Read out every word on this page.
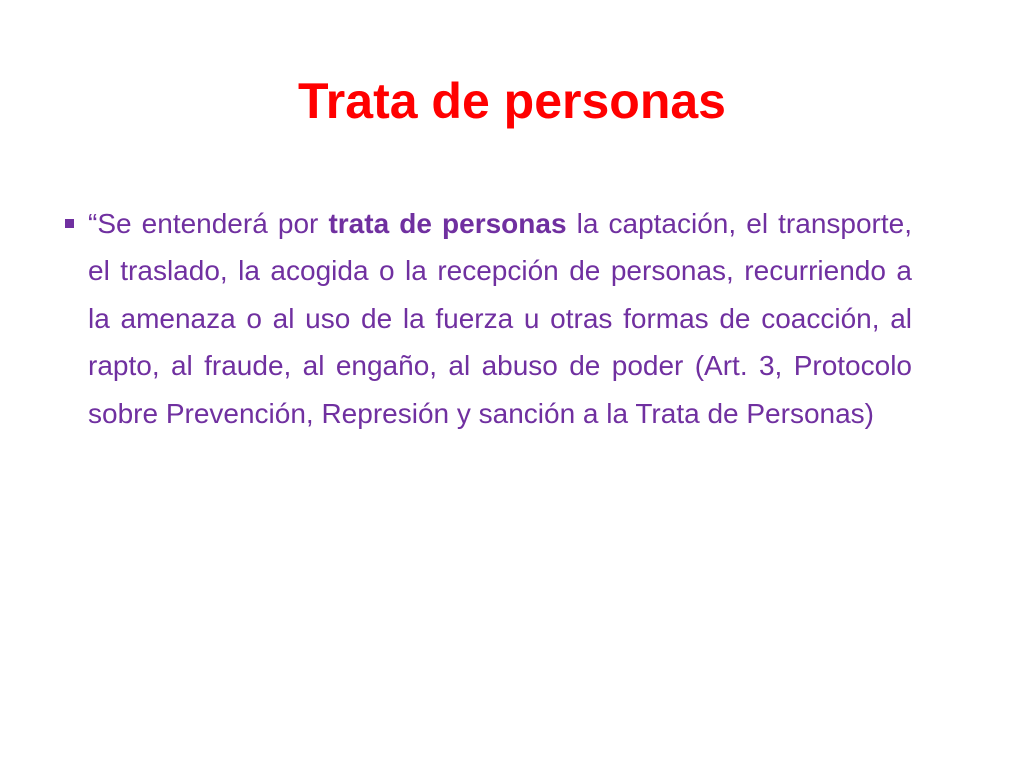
Trata de personas

“Se entenderá por trata de personas la captación, el transporte, el traslado, la acogida o la recepción de personas, recurriendo a la amenaza o al uso de la fuerza u otras formas de coacción, al rapto, al fraude, al engaño, al abuso de poder (Art. 3, Protocolo sobre Prevención, Represión y sanción a la Trata de Personas)
